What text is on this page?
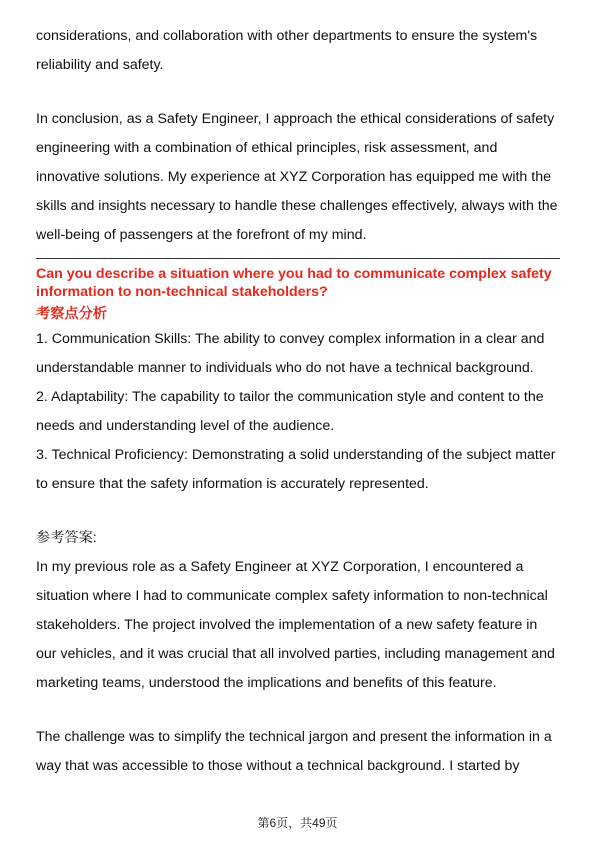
considerations, and collaboration with other departments to ensure the system's reliability and safety.

In conclusion, as a Safety Engineer, I approach the ethical considerations of safety engineering with a combination of ethical principles, risk assessment, and innovative solutions. My experience at XYZ Corporation has equipped me with the skills and insights necessary to handle these challenges effectively, always with the well-being of passengers at the forefront of my mind.

Can you describe a situation where you had to communicate complex safety information to non-technical stakeholders?

考察点分析

1. Communication Skills: The ability to convey complex information in a clear and understandable manner to individuals who do not have a technical background.

2. Adaptability: The capability to tailor the communication style and content to the needs and understanding level of the audience.

3. Technical Proficiency: Demonstrating a solid understanding of the subject matter to ensure that the safety information is accurately represented.

参考答案:

In my previous role as a Safety Engineer at XYZ Corporation, I encountered a situation where I had to communicate complex safety information to non-technical stakeholders. The project involved the implementation of a new safety feature in our vehicles, and it was crucial that all involved parties, including management and marketing teams, understood the implications and benefits of this feature.

The challenge was to simplify the technical jargon and present the information in a way that was accessible to those without a technical background. I started by

第6页，共49页
